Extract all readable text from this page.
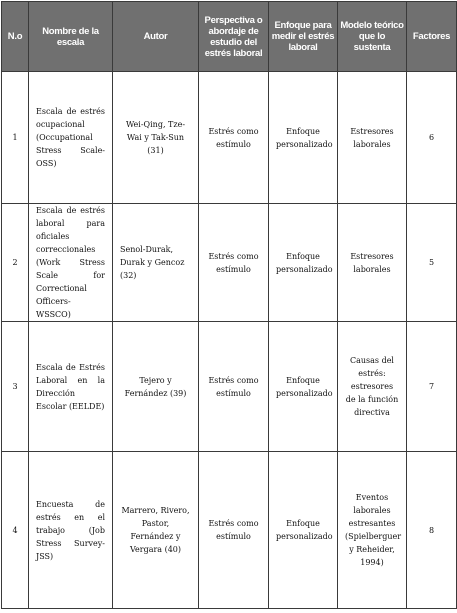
N.o	Nombre de la escala	Autor	Perspectiva o abordaje de estudio del estrés laboral	Enfoque para medir el estrés laboral	Modelo teórico que lo sustenta	Factores
1	Escala de estrés ocupacional (Occupational Stress Scale-OSS)	Wei-Qing, Tze-Wai y Tak-Sun (31)	Estrés como estímulo	Enfoque personalizado	Estresores laborales	6
2	Escala de estrés laboral para oficiales correccionales (Work Stress Scale for Correctional Officers-WSSCO)	Senol-Durak, Durak y Gencoz (32)	Estrés como estímulo	Enfoque personalizado	Estresores laborales	5
3	Escala de Estrés Laboral en la Dirección Escolar (EELDE)	Tejero y Fernández (39)	Estrés como estímulo	Enfoque personalizado	Causas del estrés: estresores de la función directiva	7
4	Encuesta de estrés en el trabajo (Job Stress Survey-JSS)	Marrero, Rivero, Pastor, Fernández y Vergara (40)	Estrés como estímulo	Enfoque personalizado	Eventos laborales estresantes (Spielberguer y Reheider, 1994)	8
